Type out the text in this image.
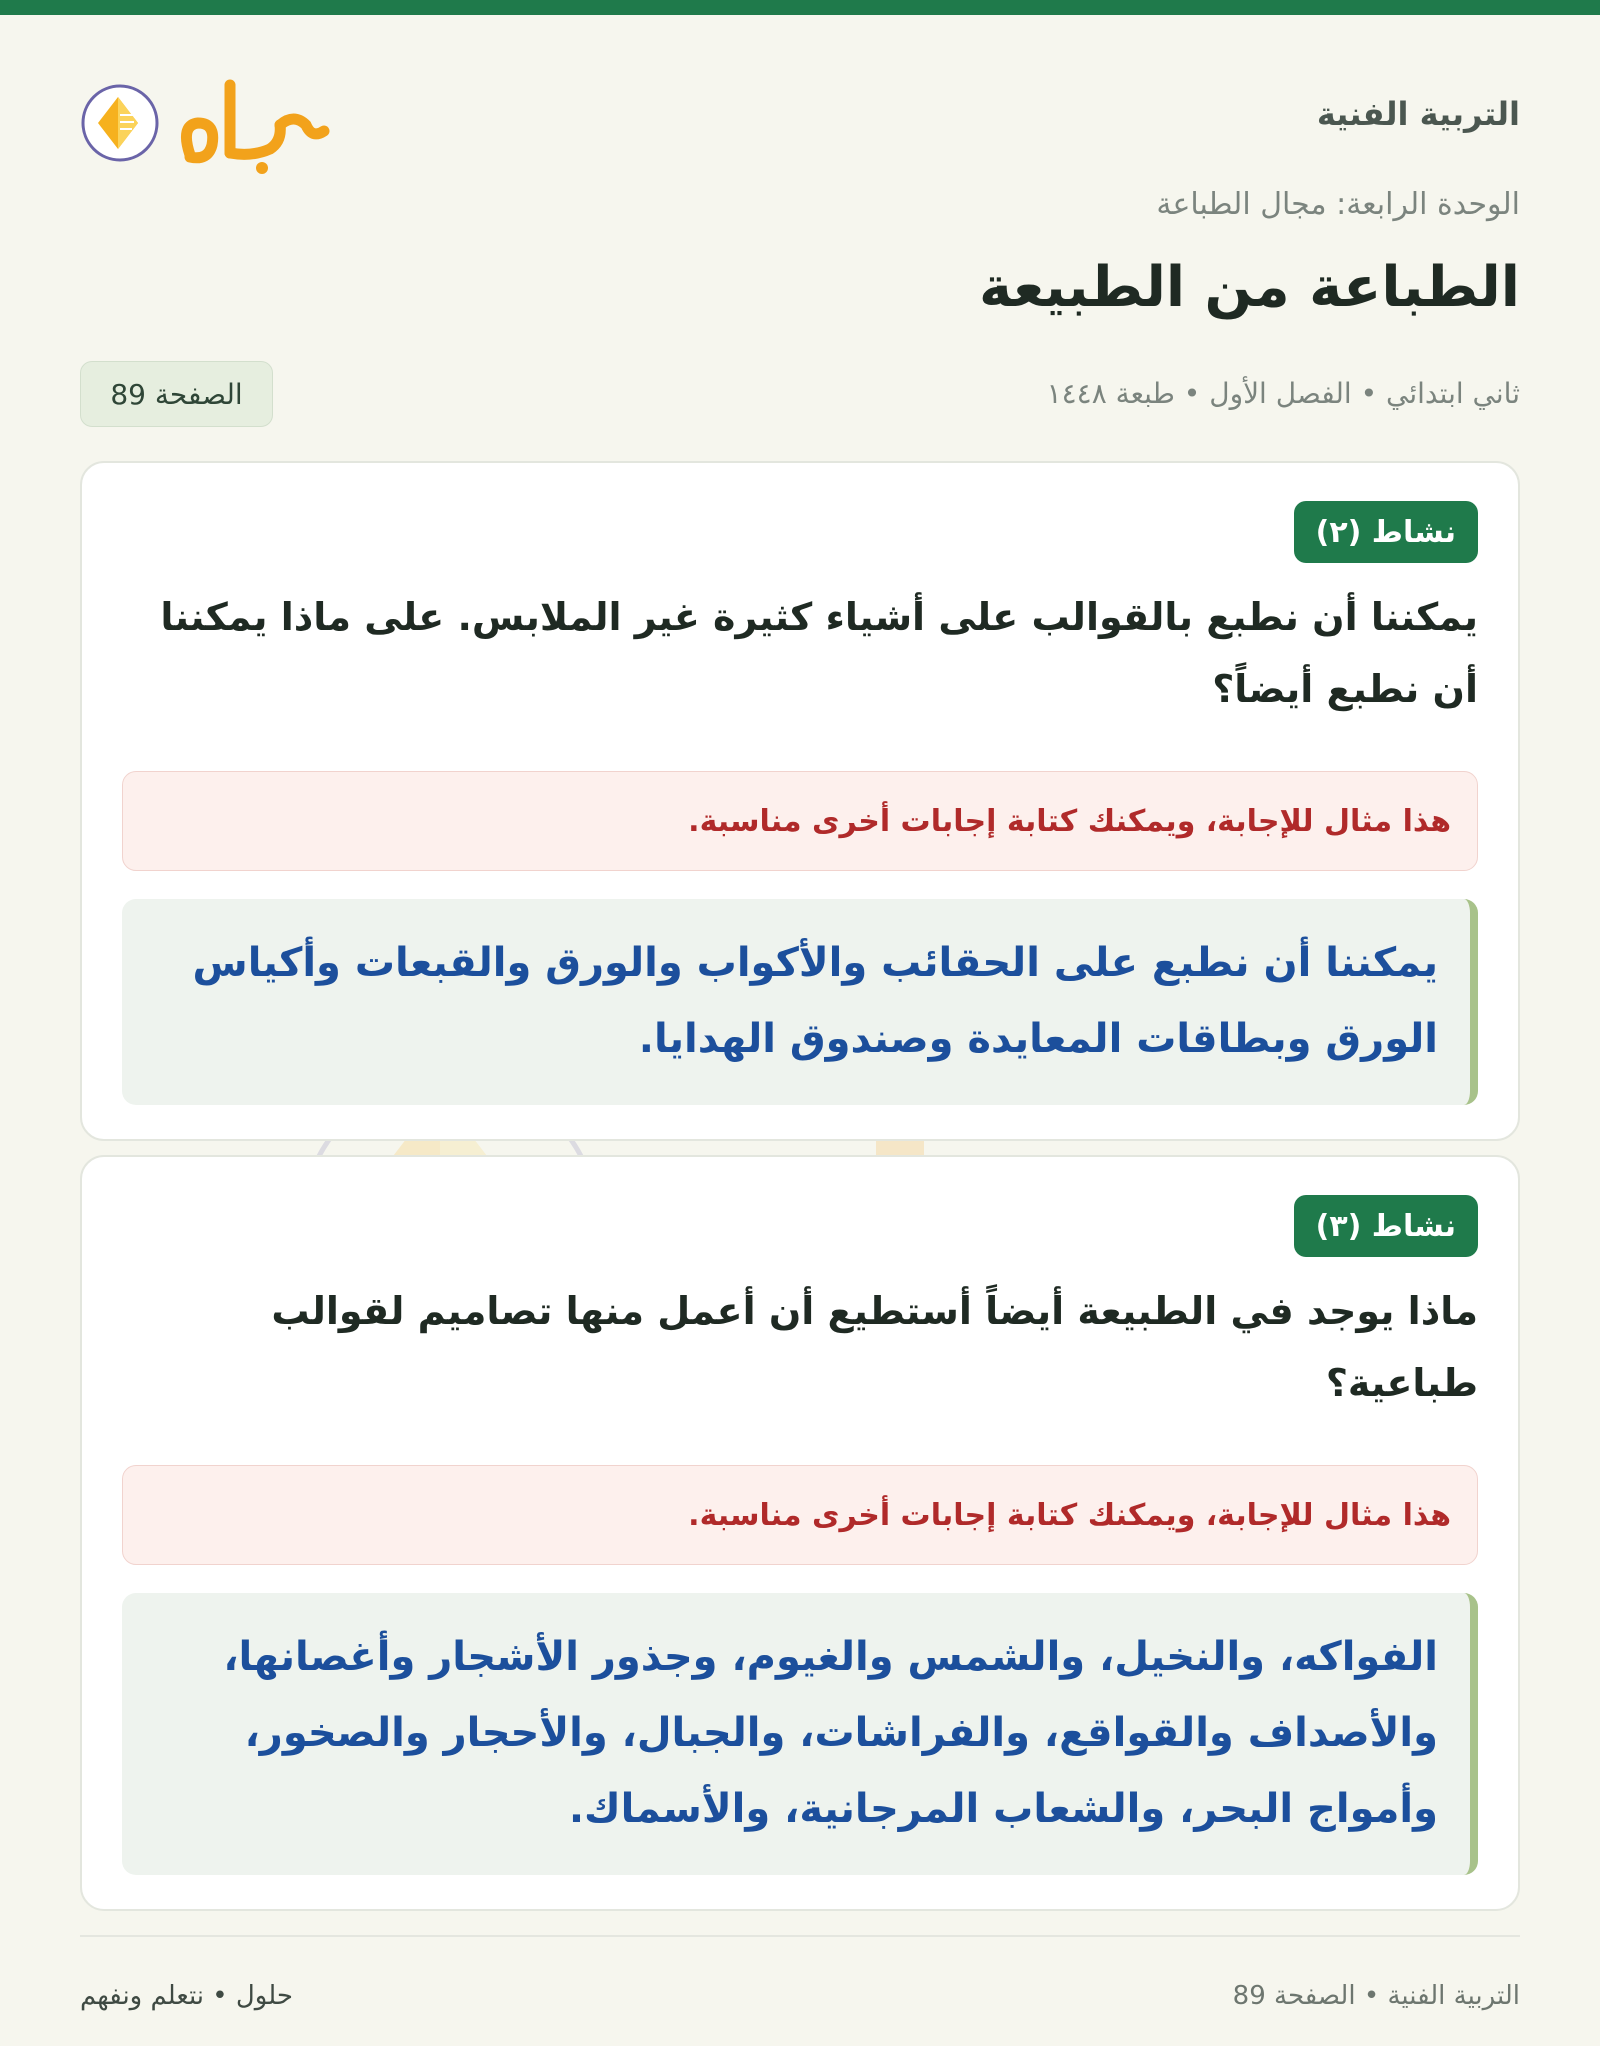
التربية الفنية
الوحدة الرابعة: مجال الطباعة
الطباعة من الطبيعة
ثاني ابتدائي • الفصل الأول • طبعة ١٤٤٨
الصفحة 89
نشاط (٢)
يمكننا أن نطبع بالقوالب على أشياء كثيرة غير الملابس. على ماذا يمكننا أن نطبع أيضاً؟
هذا مثال للإجابة، ويمكنك كتابة إجابات أخرى مناسبة.
يمكننا أن نطبع على الحقائب والأكواب والورق والقبعات وأكياس الورق وبطاقات المعايدة وصندوق الهدايا.
نشاط (٣)
ماذا يوجد في الطبيعة أيضاً أستطيع أن أعمل منها تصاميم لقوالب طباعية؟
هذا مثال للإجابة، ويمكنك كتابة إجابات أخرى مناسبة.
الفواكه، والنخيل، والشمس والغيوم، وجذور الأشجار وأغصانها، والأصداف والقواقع، والفراشات، والجبال، والأحجار والصخور، وأمواج البحر، والشعاب المرجانية، والأسماك.
التربية الفنية • الصفحة 89
حلول • نتعلم ونفهم
